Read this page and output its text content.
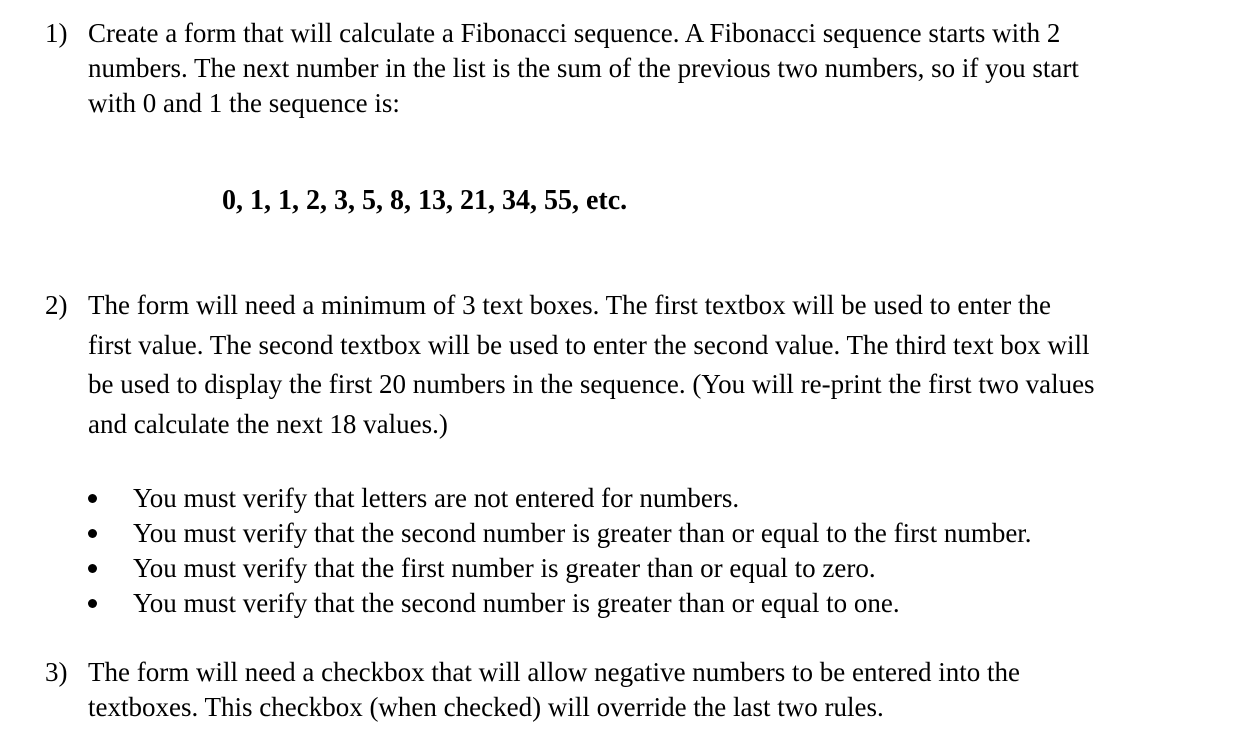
1) Create a form that will calculate a Fibonacci sequence. A Fibonacci sequence starts with 2
numbers. The next number in the list is the sum of the previous two numbers, so if you start
with 0 and 1 the sequence is:
0, 1, 1, 2, 3, 5, 8, 13, 21, 34, 55, etc.
2) The form will need a minimum of 3 text boxes. The first textbox will be used to enter the
first value. The second textbox will be used to enter the second value. The third text box will
be used to display the first 20 numbers in the sequence. (You will re-print the first two values
and calculate the next 18 values.)
You must verify that letters are not entered for numbers.
You must verify that the second number is greater than or equal to the first number.
You must verify that the first number is greater than or equal to zero.
You must verify that the second number is greater than or equal to one.
3) The form will need a checkbox that will allow negative numbers to be entered into the
textboxes. This checkbox (when checked) will override the last two rules.
